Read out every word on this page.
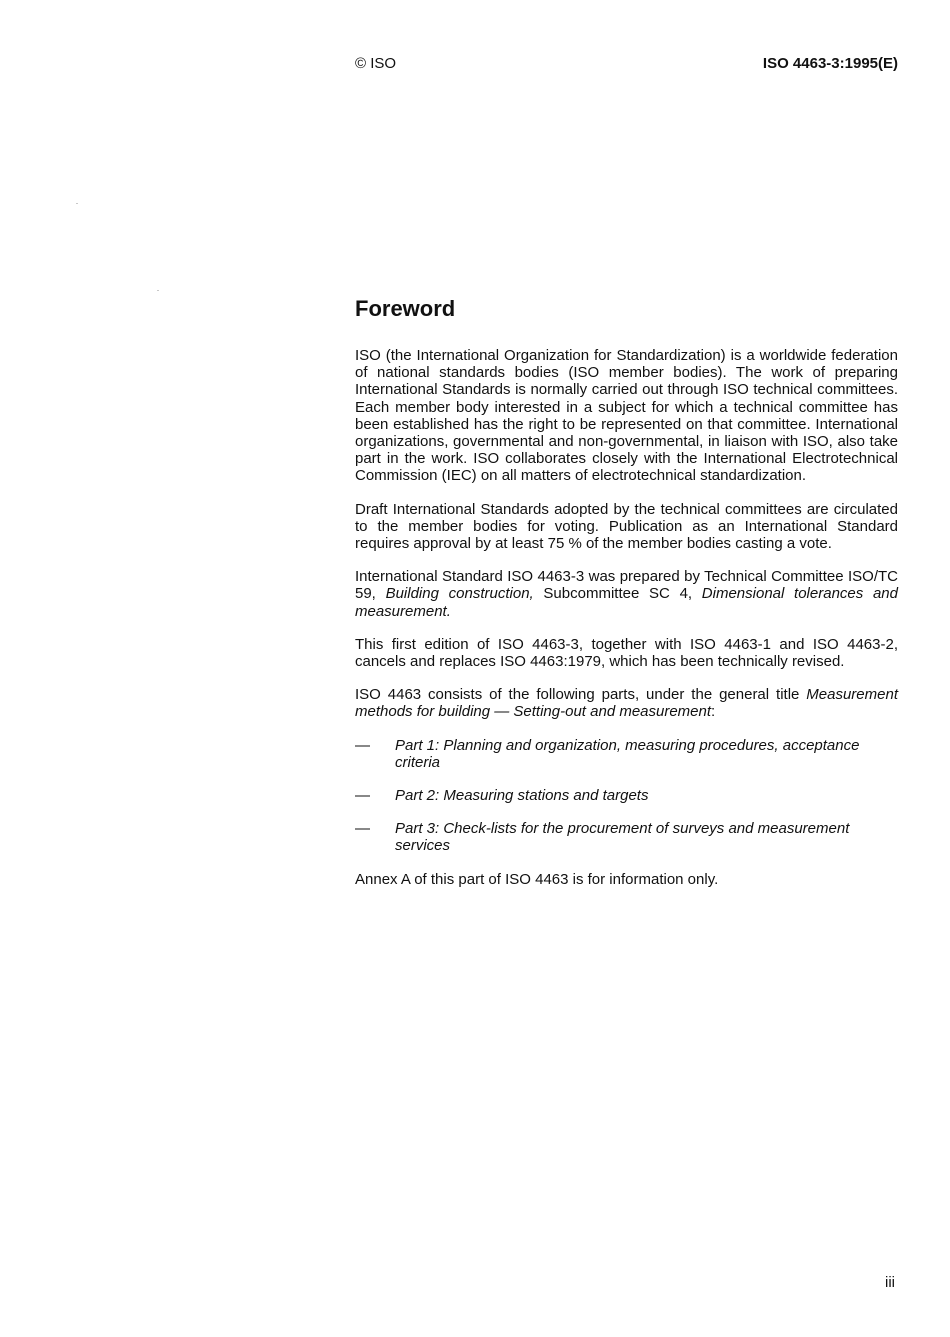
© ISO	ISO 4463-3:1995(E)
Foreword

ISO (the International Organization for Standardization) is a worldwide federation of national standards bodies (ISO member bodies). The work of preparing International Standards is normally carried out through ISO technical committees. Each member body interested in a subject for which a technical committee has been established has the right to be represented on that committee. International organizations, governmental and non-governmental, in liaison with ISO, also take part in the work. ISO collaborates closely with the International Electrotechnical Commission (IEC) on all matters of electrotechnical standardization.

Draft International Standards adopted by the technical committees are circulated to the member bodies for voting. Publication as an International Standard requires approval by at least 75 % of the member bodies casting a vote.

International Standard ISO 4463-3 was prepared by Technical Committee ISO/TC 59, Building construction, Subcommittee SC 4, Dimensional tolerances and measurement.

This first edition of ISO 4463-3, together with ISO 4463-1 and ISO 4463-2, cancels and replaces ISO 4463:1979, which has been technically revised.

ISO 4463 consists of the following parts, under the general title Measurement methods for building — Setting-out and measurement:

—	Part 1: Planning and organization, measuring procedures, acceptance criteria
—	Part 2: Measuring stations and targets
—	Part 3: Check-lists for the procurement of surveys and measurement services

Annex A of this part of ISO 4463 is for information only.

iii
